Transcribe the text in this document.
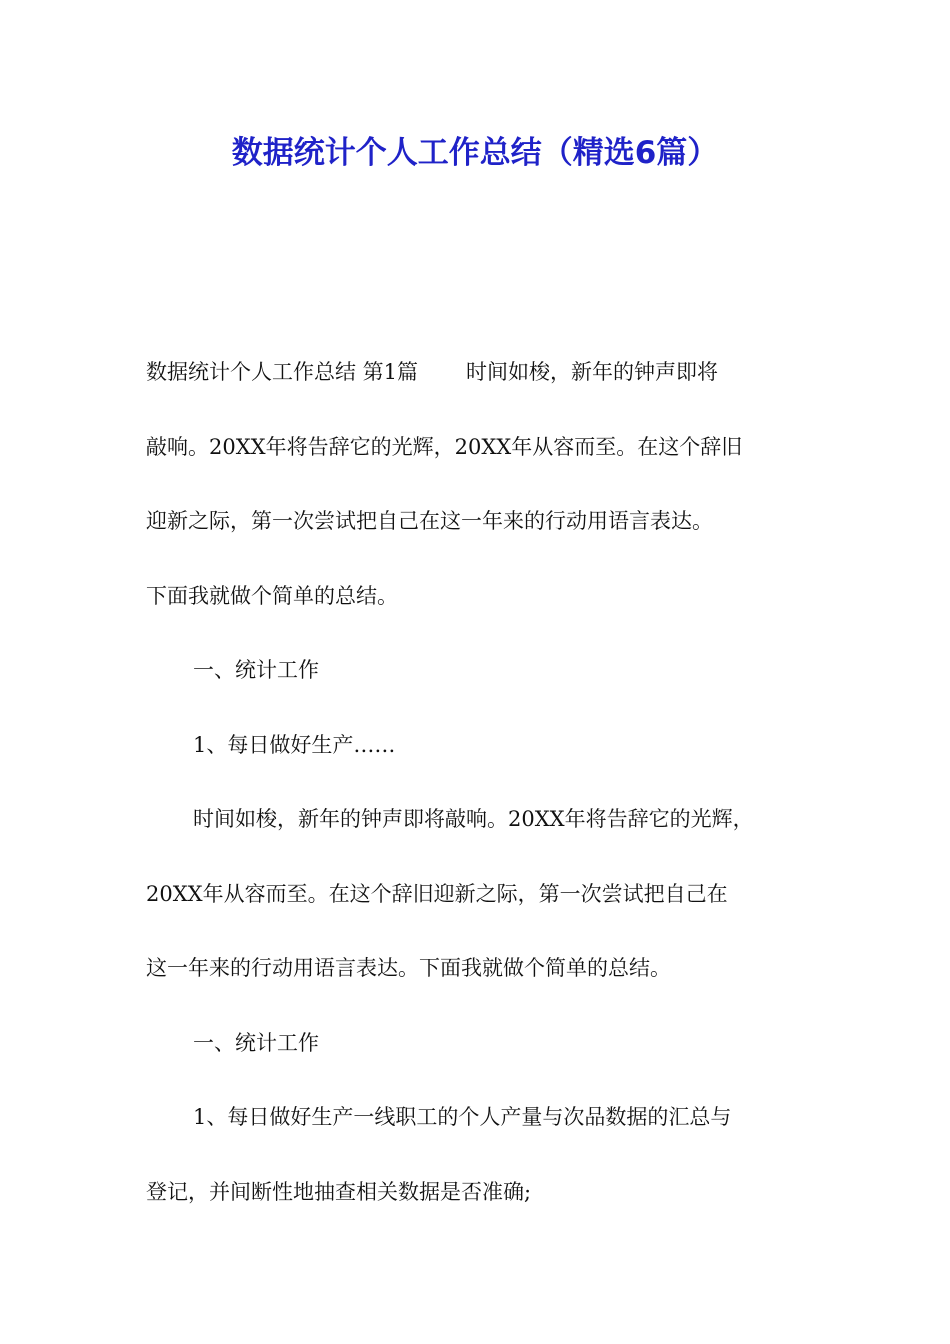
数据统计个人工作总结（精选6篇）

数据统计个人工作总结 第1篇 时间如梭，新年的钟声即将

敲响。20XX年将告辞它的光辉，20XX年从容而至。在这个辞旧

迎新之际，第一次尝试把自己在这一年来的行动用语言表达。

下面我就做个简单的总结。

一、统计工作

1、每日做好生产……

时间如梭，新年的钟声即将敲响。20XX年将告辞它的光辉，

20XX年从容而至。在这个辞旧迎新之际，第一次尝试把自己在

这一年来的行动用语言表达。下面我就做个简单的总结。

一、统计工作

1、每日做好生产一线职工的个人产量与次品数据的汇总与

登记，并间断性地抽查相关数据是否准确;
